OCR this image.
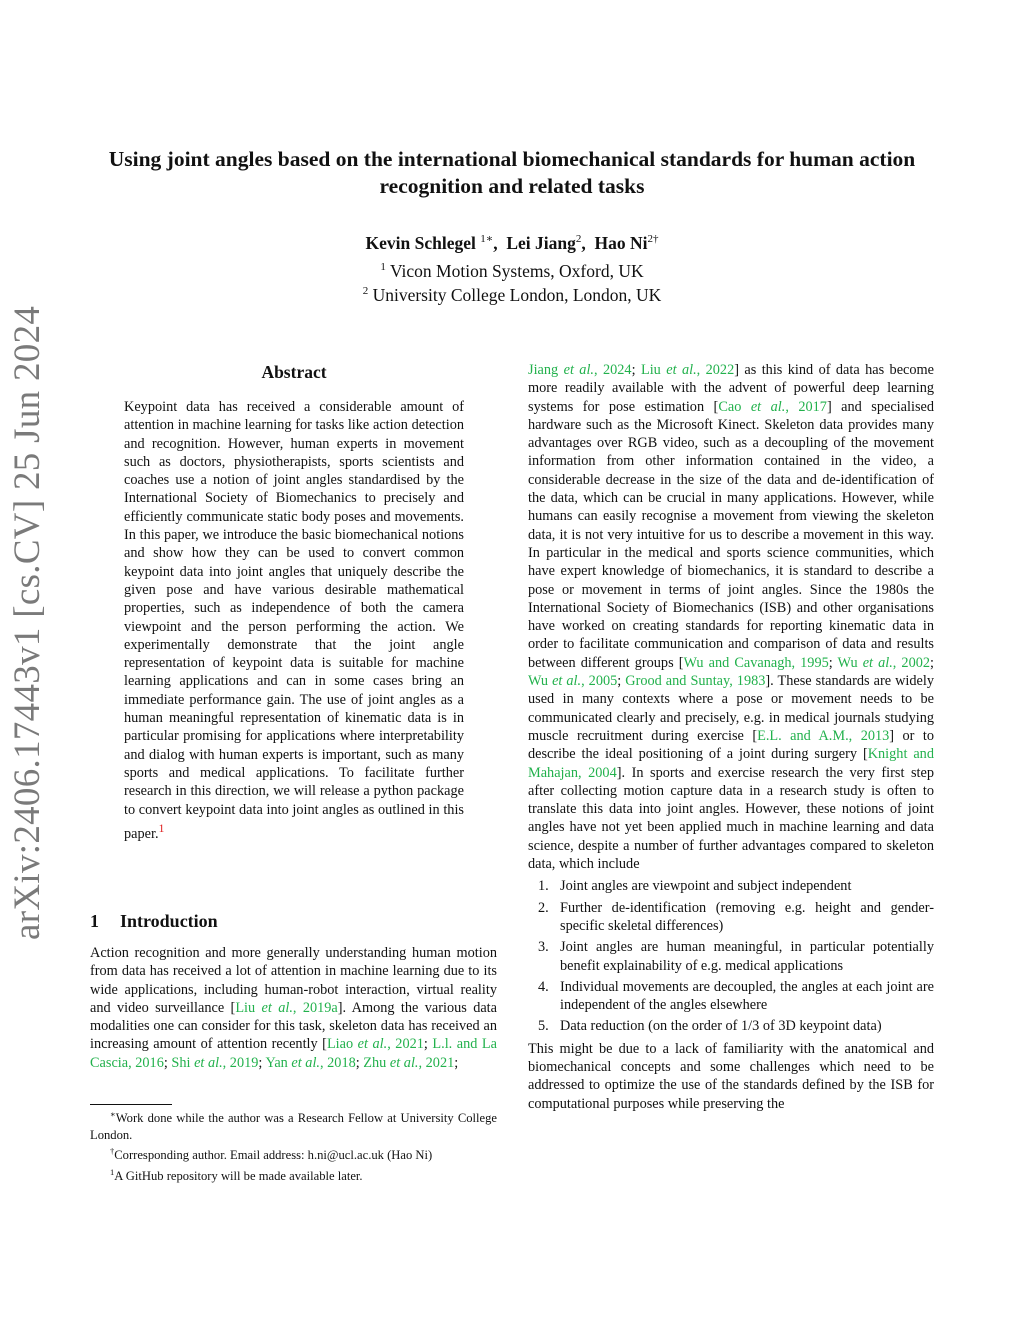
arXiv:2406.17443v1 [cs.CV] 25 Jun 2024
Using joint angles based on the international biomechanical standards for human action recognition and related tasks
Kevin Schlegel $^{1∗}$,  Lei Jiang$^2$,  Hao $Ni^{2\dagger}$
$^1$ Vicon Motion Systems, Oxford, UK
$^2$ University College London, London, UK
Abstract
Keypoint data has received a considerable amount of attention in machine learning for tasks like action detection and recognition. However, human experts in movement such as doctors, physiotherapists, sports scientists and coaches use a notion of joint angles standardised by the International Society of Biomechanics to precisely and efficiently communicate static body poses and movements. In this paper, we introduce the basic biomechanical notions and show how they can be used to convert common keypoint data into joint angles that uniquely describe the given pose and have various desirable mathematical properties, such as independence of both the camera viewpoint and the person performing the action. We experimentally demonstrate that the joint angle representation of keypoint data is suitable for machine learning applications and can in some cases bring an immediate performance gain. The use of joint angles as a human meaningful representation of kinematic data is in particular promising for applications where interpretability and dialog with human experts is important, such as many sports and medical applications. To facilitate further research in this direction, we will release a python package to convert keypoint data into joint angles as outlined in this paper.$^1$
1 Introduction
Action recognition and more generally understanding human motion from data has received a lot of attention in machine learning due to its wide applications, including human-robot interaction, virtual reality and video surveillance [Liu et al., 2019a]. Among the various data modalities one can consider for this task, skeleton data has received an increasing amount of attention recently [Liao et al., 2021; L.l. and La Cascia, 2016; Shi et al., 2019; Yan et al., 2018; Zhu et al., 2021;

∗Work done while the author was a Research Fellow at University College London.

†Corresponding author. Email address: h.ni@ucl.ac.uk (Hao Ni)

$^1$A GitHub repository will be made available later.

Jiang et al., 2024; Liu et al., 2022] as this kind of data has become more readily available with the advent of powerful deep learning systems for pose estimation [Cao et al., 2017] and specialised hardware such as the Microsoft Kinect. Skeleton data provides many advantages over RGB video, such as a decoupling of the movement information from other information contained in the video, a considerable decrease in the size of the data and de-identification of the data, which can be crucial in many applications. However, while humans can easily recognise a movement from viewing the skeleton data, it is not very intuitive for us to describe a movement in this way. In particular in the medical and sports science communities, which have expert knowledge of biomechanics, it is standard to describe a pose or movement in terms of joint angles. Since the 1980s the International Society of Biomechanics (ISB) and other organisations have worked on creating standards for reporting kinematic data in order to facilitate communication and comparison of data and results between different groups [Wu and Cavanagh, 1995; Wu et al., 2002; Wu et al., 2005; Grood and Suntay, 1983]. These standards are widely used in many contexts where a pose or movement needs to be communicated clearly and precisely, e.g. in medical journals studying muscle recruitment during exercise [E.L. and A.M., 2013] or to describe the ideal positioning of a joint during surgery [Knight and Mahajan, 2004]. In sports and exercise research the very first step after collecting motion capture data in a research study is often to translate this data into joint angles. However, these notions of joint angles have not yet been applied much in machine learning and data science, despite a number of further advantages compared to skeleton data, which include

1. Joint angles are viewpoint and subject independent
2. Further de-identification (removing e.g. height and gender-specific skeletal differences)
3. Joint angles are human meaningful, in particular potentially benefit explainability of e.g. medical applications
4. Individual movements are decoupled, the angles at each joint are independent of the angles elsewhere
5. Data reduction (on the order of 1/3 of 3D keypoint data)

This might be due to a lack of familiarity with the anatomical and biomechanical concepts and some challenges which need to be addressed to optimize the use of the standards defined by the ISB for computational purposes while preserving the
